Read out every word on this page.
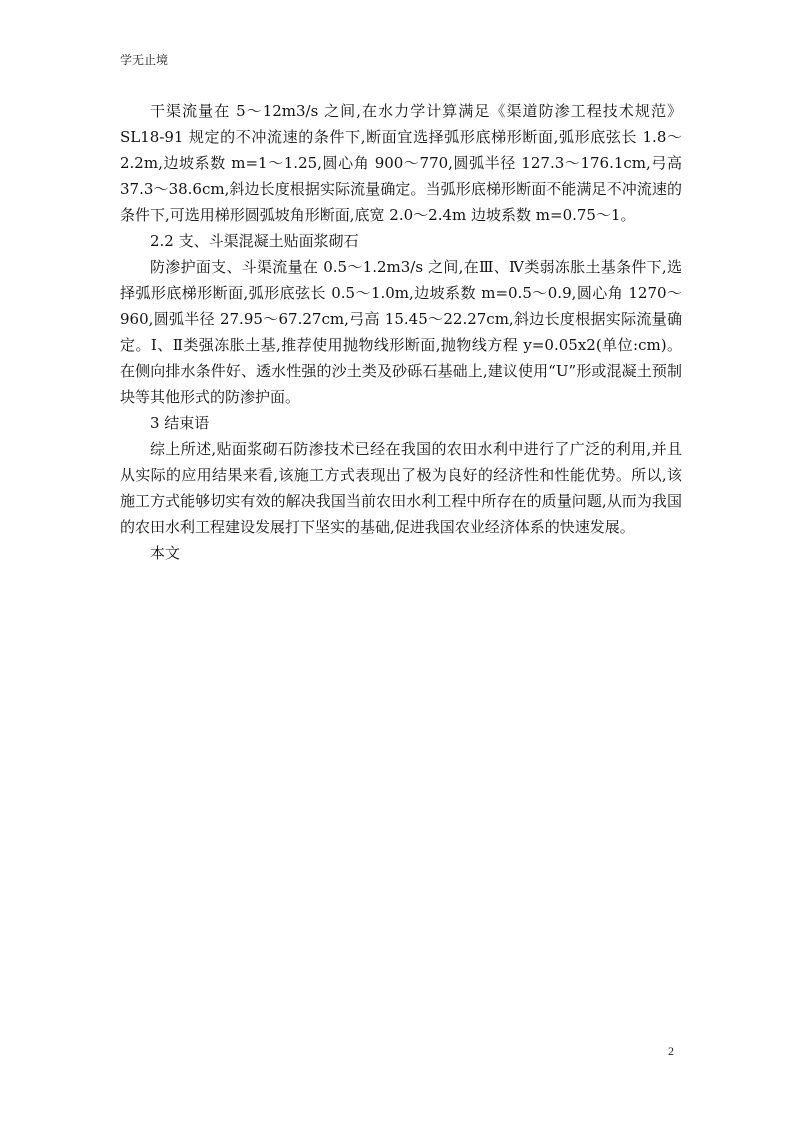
学无止境

干渠流量在 5～12m3/s 之间,在水力学计算满足《渠道防渗工程技术规范》SL18-91 规定的不冲流速的条件下,断面宜选择弧形底梯形断面,弧形底弦长 1.8～2.2m,边坡系数 m=1～1.25,圆心角 900～770,圆弧半径 127.3～176.1cm,弓高 37.3～38.6cm,斜边长度根据实际流量确定。当弧形底梯形断面不能满足不冲流速的条件下,可选用梯形圆弧坡角形断面,底宽 2.0～2.4m 边坡系数 m=0.75～1。

2.2 支、斗渠混凝土贴面浆砌石

防渗护面支、斗渠流量在 0.5～1.2m3/s 之间,在Ⅲ、Ⅳ类弱冻胀土基条件下,选择弧形底梯形断面,弧形底弦长 0.5～1.0m,边坡系数 m=0.5～0.9,圆心角 1270～960,圆弧半径 27.95～67.27cm,弓高 15.45～22.27cm,斜边长度根据实际流量确定。Ⅰ、Ⅱ类强冻胀土基,推荐使用抛物线形断面,抛物线方程 y=0.05x2(单位:cm)。在侧向排水条件好、透水性强的沙土类及砂砾石基础上,建议使用“U”形或混凝土预制块等其他形式的防渗护面。

3 结束语

综上所述,贴面浆砌石防渗技术已经在我国的农田水利中进行了广泛的利用,并且从实际的应用结果来看,该施工方式表现出了极为良好的经济性和性能优势。所以,该施工方式能够切实有效的解决我国当前农田水利工程中所存在的质量问题,从而为我国的农田水利工程建设发展打下坚实的基础,促进我国农业经济体系的快速发展。

本文

2
